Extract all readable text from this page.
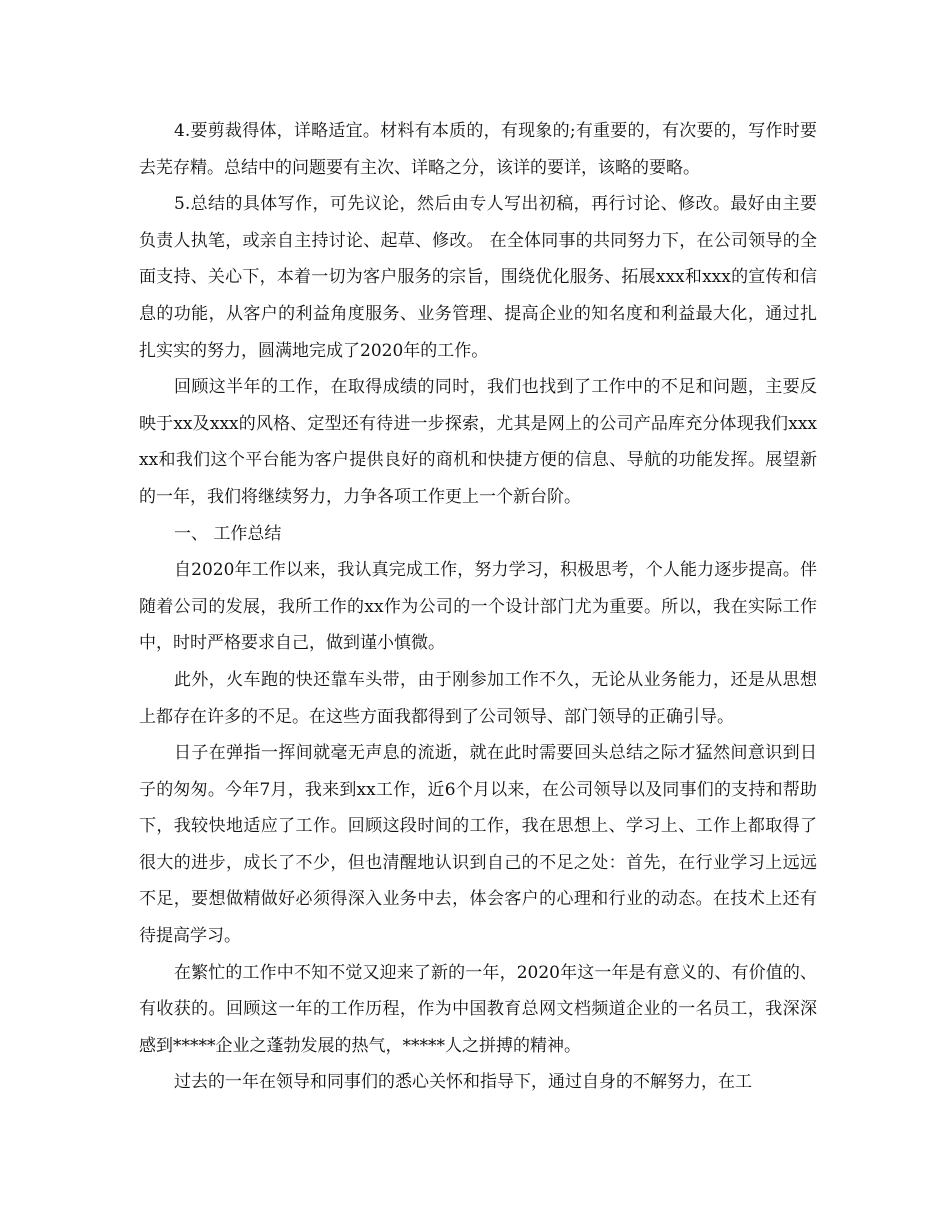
4.要剪裁得体，详略适宜。材料有本质的，有现象的;有重要的，有次要的，写作时要去芜存精。总结中的问题要有主次、详略之分，该详的要详，该略的要略。

5.总结的具体写作，可先议论，然后由专人写出初稿，再行讨论、修改。最好由主要负责人执笔，或亲自主持讨论、起草、修改。 在全体同事的共同努力下，在公司领导的全面支持、关心下，本着一切为客户服务的宗旨，围绕优化服务、拓展xxx和xxx的宣传和信息的功能，从客户的利益角度服务、业务管理、提高企业的知名度和利益最大化，通过扎扎实实的努力，圆满地完成了2020年的工作。

回顾这半年的工作，在取得成绩的同时，我们也找到了工作中的不足和问题，主要反映于xx及xxx的风格、定型还有待进一步探索，尤其是网上的公司产品库充分体现我们xxxxx和我们这个平台能为客户提供良好的商机和快捷方便的信息、导航的功能发挥。展望新的一年，我们将继续努力，力争各项工作更上一个新台阶。

一、 工作总结

自2020年工作以来，我认真完成工作，努力学习，积极思考，个人能力逐步提高。伴随着公司的发展，我所工作的xx作为公司的一个设计部门尤为重要。所以，我在实际工作中，时时严格要求自己，做到谨小慎微。

此外，火车跑的快还靠车头带，由于刚参加工作不久，无论从业务能力，还是从思想上都存在许多的不足。在这些方面我都得到了公司领导、部门领导的正确引导。

日子在弹指一挥间就毫无声息的流逝，就在此时需要回头总结之际才猛然间意识到日子的匆匆。今年7月，我来到xx工作，近6个月以来，在公司领导以及同事们的支持和帮助下，我较快地适应了工作。回顾这段时间的工作，我在思想上、学习上、工作上都取得了很大的进步，成长了不少，但也清醒地认识到自己的不足之处：首先，在行业学习上远远不足，要想做精做好必须得深入业务中去，体会客户的心理和行业的动态。在技术上还有待提高学习。

在繁忙的工作中不知不觉又迎来了新的一年，2020年这一年是有意义的、有价值的、有收获的。回顾这一年的工作历程，作为中国教育总网文档频道企业的一名员工，我深深感到*****企业之蓬勃发展的热气，*****人之拼搏的精神。

过去的一年在领导和同事们的悉心关怀和指导下，通过自身的不解努力，在工
